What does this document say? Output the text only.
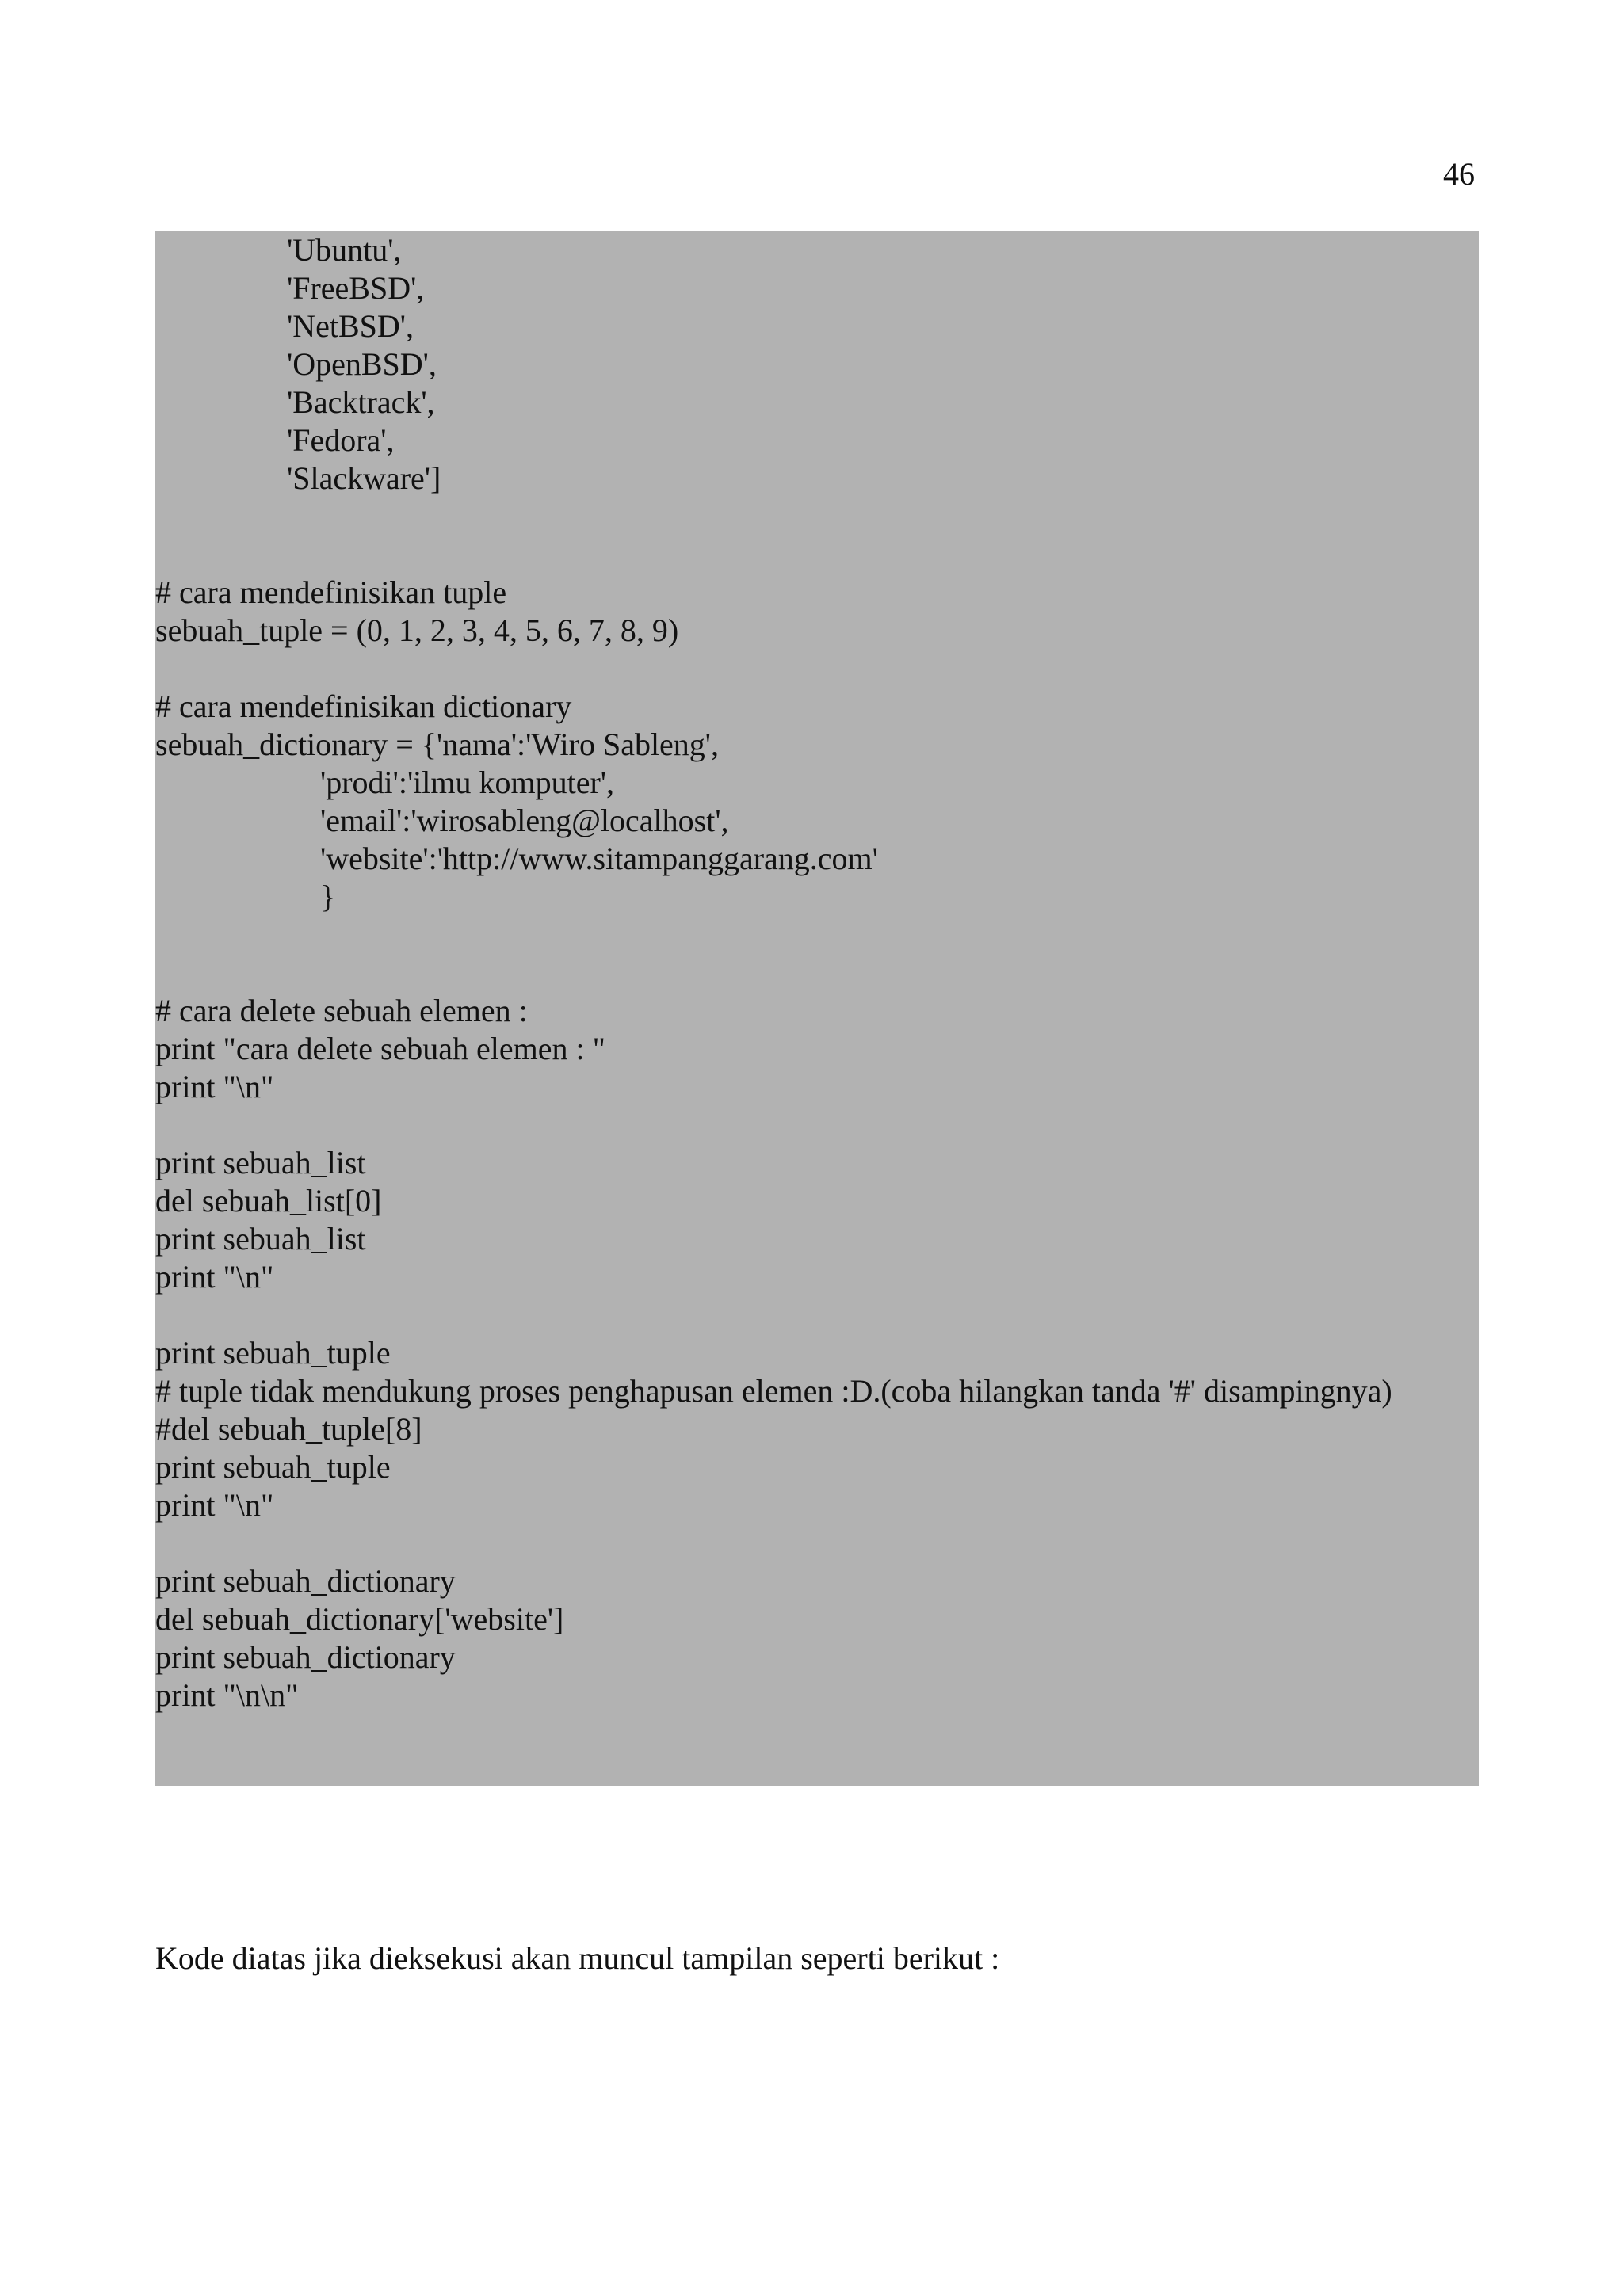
46
'Ubuntu',
'FreeBSD',
'NetBSD',
'OpenBSD',
'Backtrack',
'Fedora',
'Slackware']
# cara mendefinisikan tuple
sebuah_tuple = (0, 1, 2, 3, 4, 5, 6, 7, 8, 9)
# cara mendefinisikan dictionary
sebuah_dictionary = {'nama':'Wiro Sableng',
'prodi':'ilmu komputer',
'email':'wirosableng@localhost',
'website':'http://www.sitampanggarang.com'
}
# cara delete sebuah elemen :
print "cara delete sebuah elemen : "
print "\n"
print sebuah_list
del sebuah_list[0]
print sebuah_list
print "\n"
print sebuah_tuple
# tuple tidak mendukung proses penghapusan elemen :D.(coba hilangkan tanda '#' disampingnya)
#del sebuah_tuple[8]
print sebuah_tuple
print "\n"
print sebuah_dictionary
del sebuah_dictionary['website']
print sebuah_dictionary
print "\n\n"
Kode diatas jika dieksekusi akan muncul tampilan seperti berikut :
